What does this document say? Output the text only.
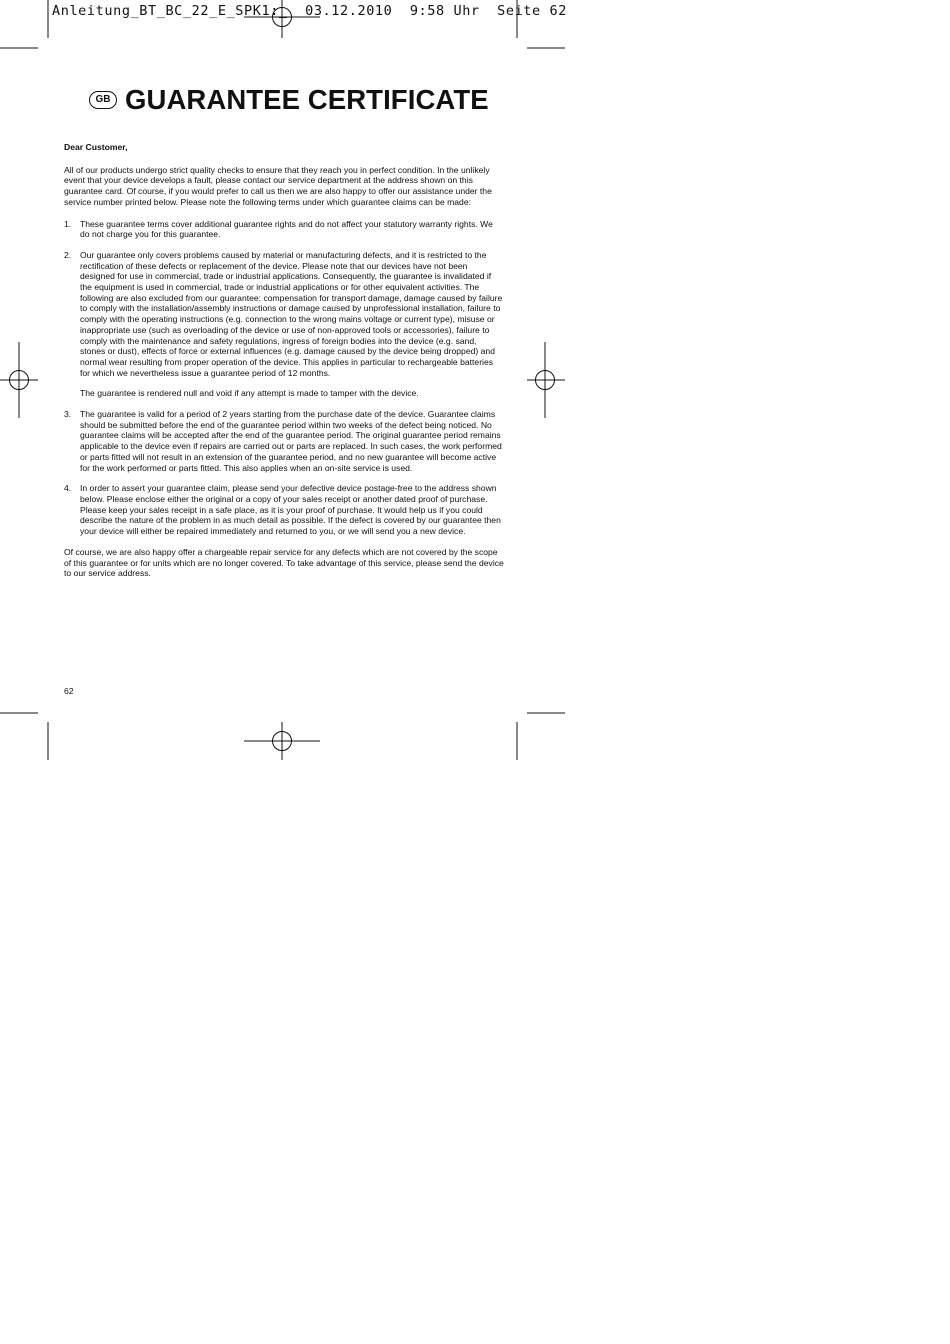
Anleitung_BT_BC_22_E_SPK1:_  03.12.2010  9:58 Uhr  Seite 62
GB GUARANTEE CERTIFICATE

Dear Customer,

All of our products undergo strict quality checks to ensure that they reach you in perfect condition. In the unlikely event that your device develops a fault, please contact our service department at the address shown on this guarantee card. Of course, if you would prefer to call us then we are also happy to offer our assistance under the service number printed below. Please note the following terms under which guarantee claims can be made:

1.	These guarantee terms cover additional guarantee rights and do not affect your statutory warranty rights. We do not charge you for this guarantee.

2.	Our guarantee only covers problems caused by material or manufacturing defects, and it is restricted to the rectification of these defects or replacement of the device. Please note that our devices have not been designed for use in commercial, trade or industrial applications. Consequently, the guarantee is invalidated if the equipment is used in commercial, trade or industrial applications or for other equivalent activities. The following are also excluded from our guarantee: compensation for transport damage, damage caused by failure to comply with the installation/assembly instructions or damage caused by unprofessional installation, failure to comply with the operating instructions (e.g. connection to the wrong mains voltage or current type), misuse or inappropriate use (such as overloading of the device or use of non-approved tools or accessories), failure to comply with the maintenance and safety regulations, ingress of foreign bodies into the device (e.g. sand, stones or dust), effects of force or external influences (e.g. damage caused by the device being dropped) and normal wear resulting from proper operation of the device. This applies in particular to rechargeable batteries for which we nevertheless issue a guarantee period of 12 months.

The guarantee is rendered null and void if any attempt is made to tamper with the device.

3.	The guarantee is valid for a period of 2 years starting from the purchase date of the device. Guarantee claims should be submitted before the end of the guarantee period within two weeks of the defect being noticed. No guarantee claims will be accepted after the end of the guarantee period. The original guarantee period remains applicable to the device even if repairs are carried out or parts are replaced. In such cases, the work performed or parts fitted will not result in an extension of the guarantee period, and no new guarantee will become active for the work performed or parts fitted. This also applies when an on-site service is used.

4.	In order to assert your guarantee claim, please send your defective device postage-free to the address shown below. Please enclose either the original or a copy of your sales receipt or another dated proof of purchase. Please keep your sales receipt in a safe place, as it is your proof of purchase. It would help us if you could describe the nature of the problem in as much detail as possible. If the defect is covered by our guarantee then your device will either be repaired immediately and returned to you, or we will send you a new device.

Of course, we are also happy offer a chargeable repair service for any defects which are not covered by the scope of this guarantee or for units which are no longer covered. To take advantage of this service, please send the device to our service address.

62
